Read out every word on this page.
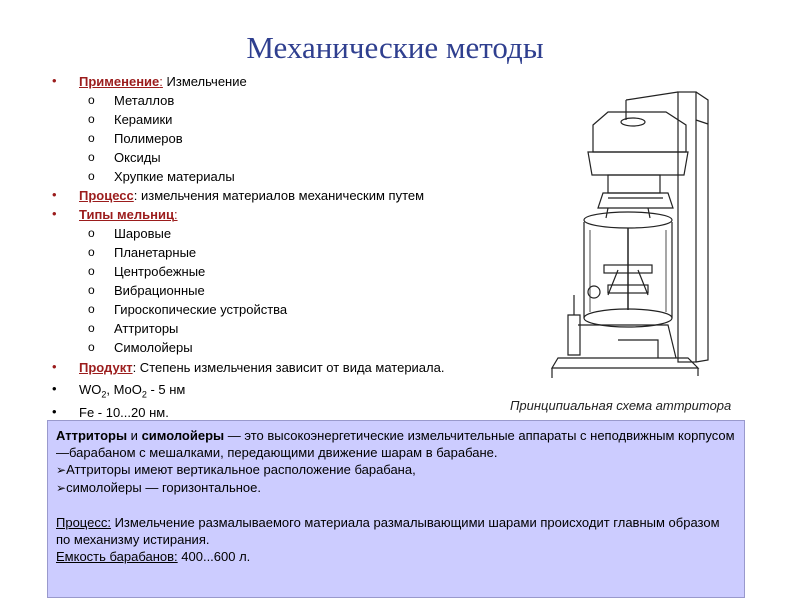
Механические методы
• Применение: Измельчение
o Металлов
o Керамики
o Полимеров
o Оксиды
o Хрупкие материалы
• Процесс: измельчения материалов механическим путем
• Типы мельниц:
o Шаровые
o Планетарные
o Центробежные
o Вибрационные
o Гироскопические устройства
o Аттриторы
o Симолойеры
• Продукт: Степень измельчения зависит от вида материала.
• $WO_2$, MoO$_2$ - 5 нм
• Fe - 10...20 нм.	Принципиальная схема аттритора
Аттриторы и симолойеры — это высокоэнергетические измельчительные аппараты с неподвижным корпусом—барабаном с мешалками, передающими движение шарам в барабане.
➢Аттриторы имеют вертикальное расположение барабана,
➢симолойеры — горизонтальное.
Процесс: Измельчение размалываемого материала размалывающими шарами происходит главным образом по механизму истирания.
Емкость барабанов: 400...600 л.
